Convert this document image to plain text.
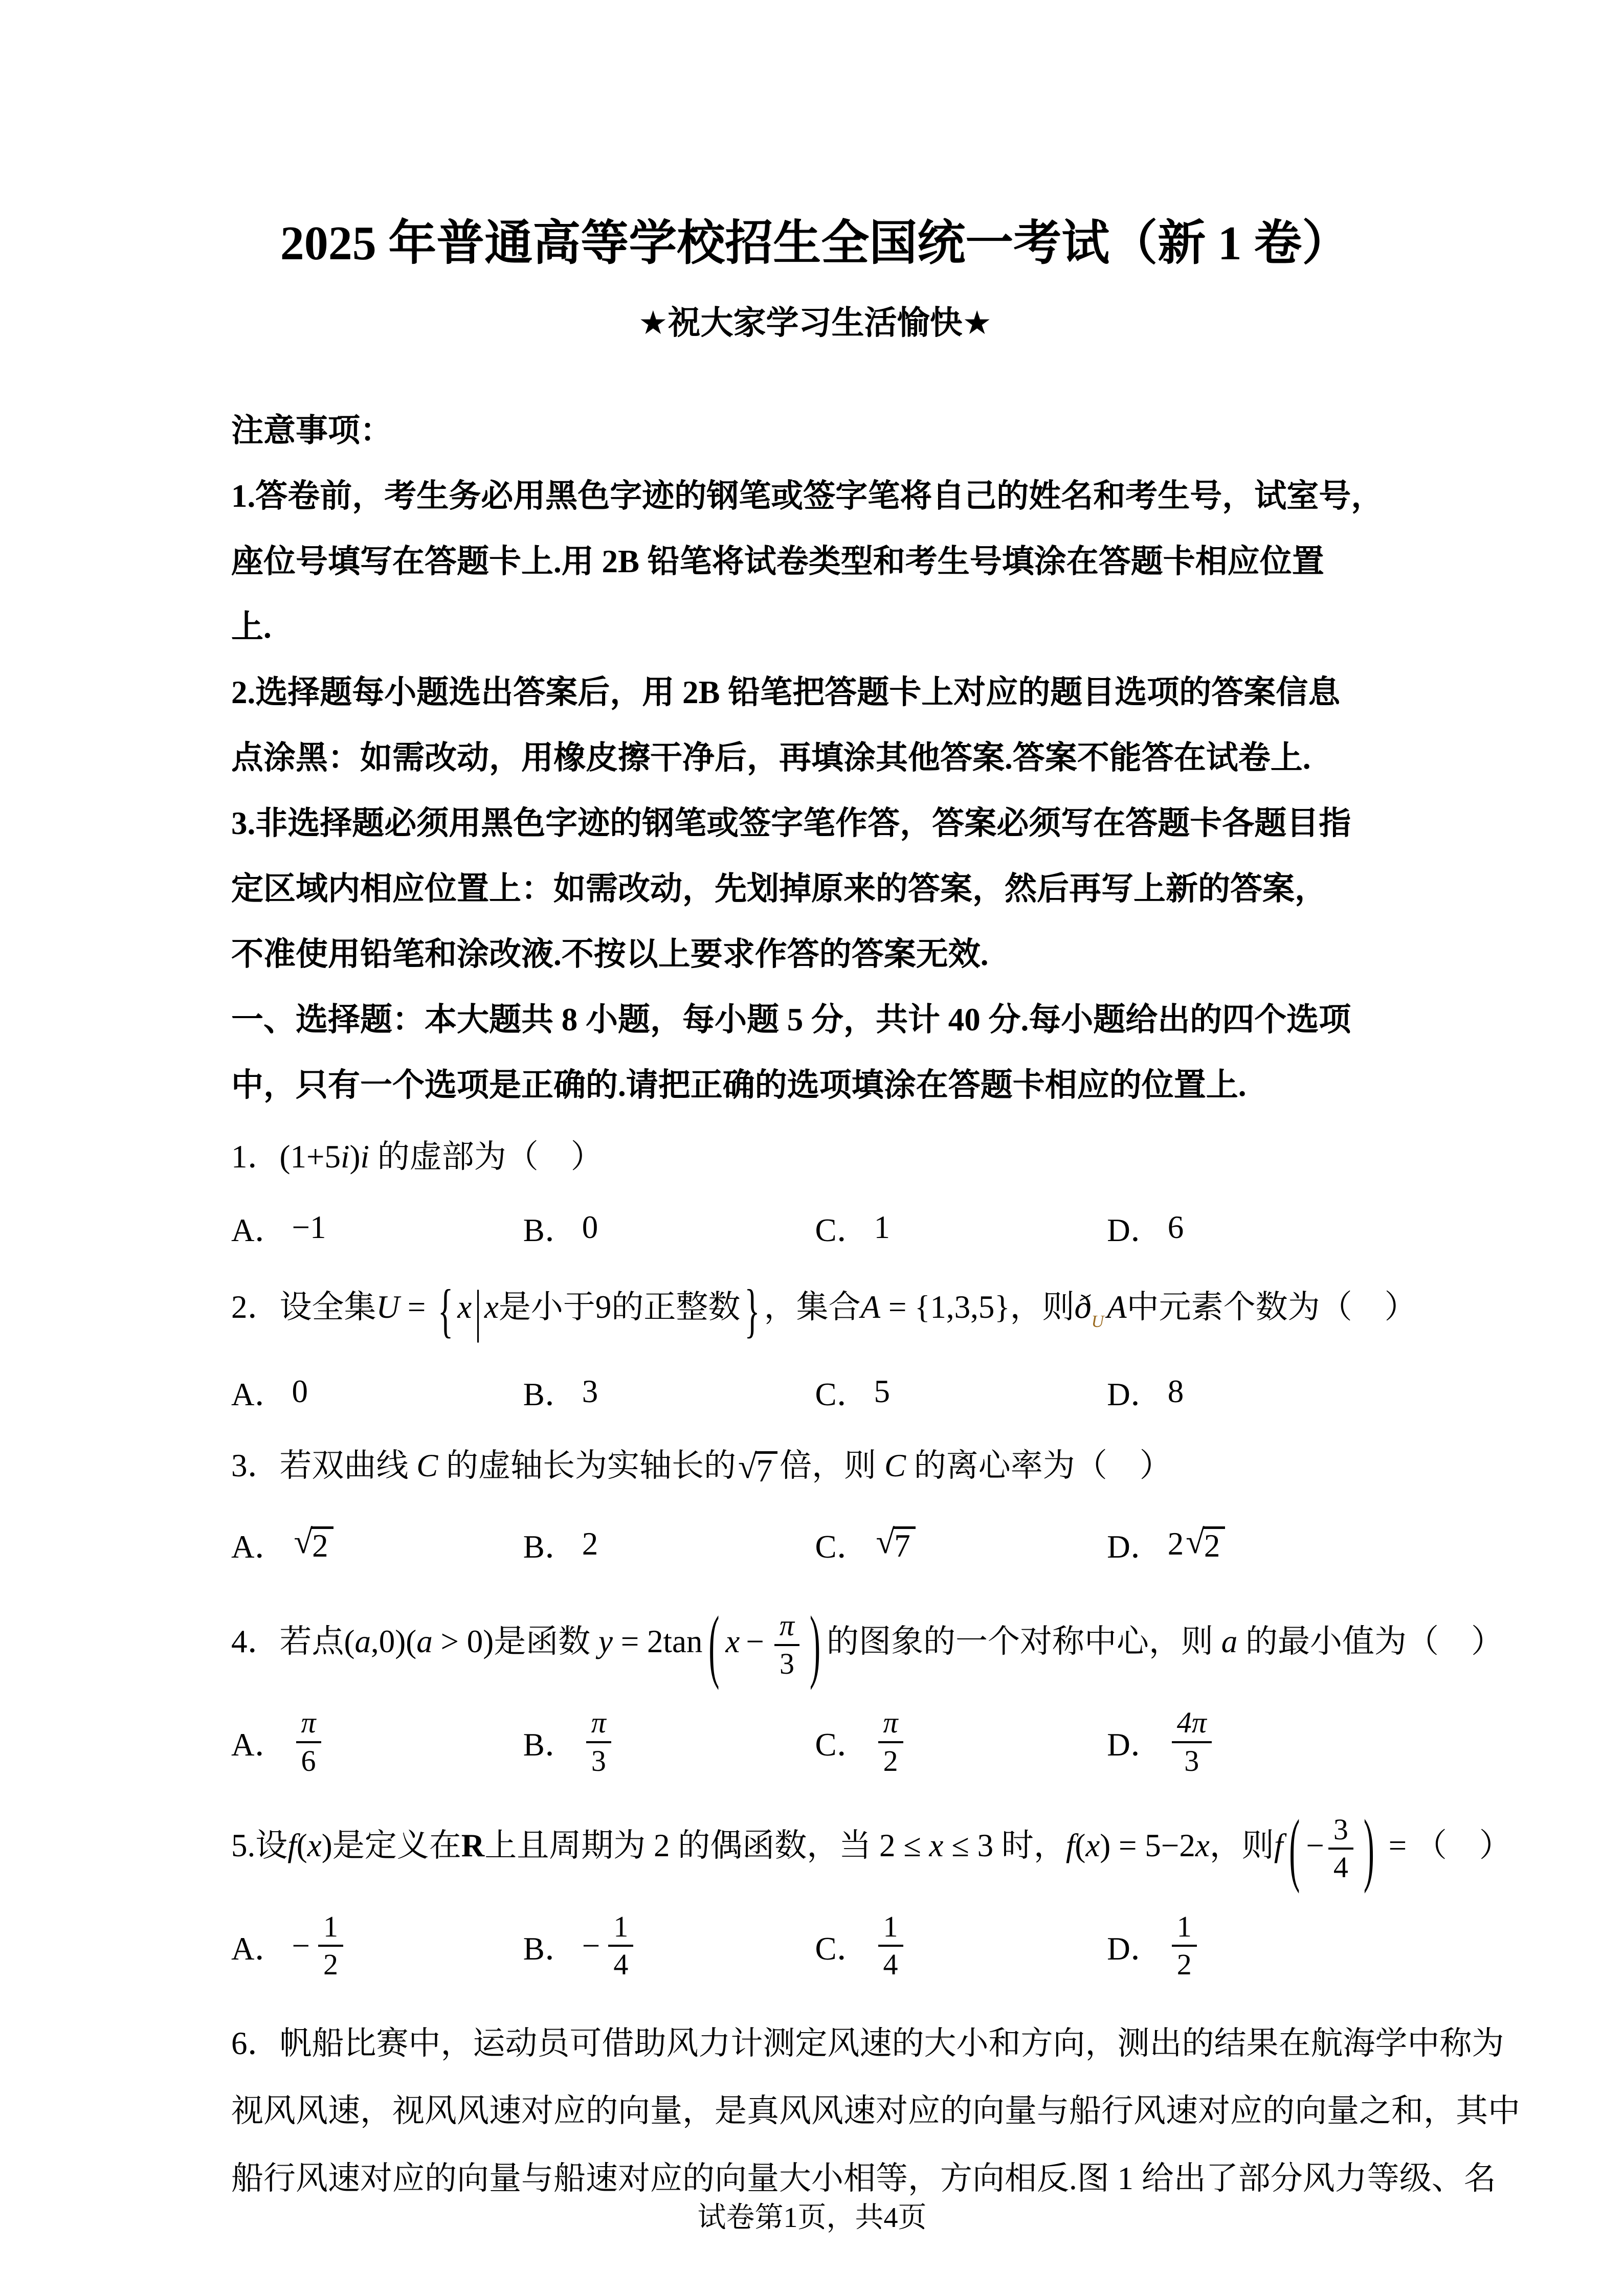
2025 年普通高等学校招生全国统一考试（新 1 卷）
★祝大家学习生活愉快★

注意事项：

1.答卷前，考生务必用黑色字迹的钢笔或签字笔将自己的姓名和考生号，试室号，

座位号填写在答题卡上.用 2B 铅笔将试卷类型和考生号填涂在答题卡相应位置

上.

2.选择题每小题选出答案后，用 2B 铅笔把答题卡上对应的题目选项的答案信息

点涂黑：如需改动，用橡皮擦干净后，再填涂其他答案.答案不能答在试卷上.

3.非选择题必须用黑色字迹的钢笔或签字笔作答，答案必须写在答题卡各题目指

定区域内相应位置上：如需改动，先划掉原来的答案，然后再写上新的答案，

不准使用铅笔和涂改液.不按以上要求作答的答案无效.

一、选择题：本大题共 8 小题，每小题 5 分，共计 40 分.每小题给出的四个选项

中，只有一个选项是正确的.请把正确的选项填涂在答题卡相应的位置上.

1．(1+5i)i 的虚部为（　）
A． −1	B． 0	C． 1	D． 6
2．设全集U = { x|x是小于9的正整数 } ，集合A = {1,3,5}，则$ð_UA$中元素个数为（　）
A． 0	B． 3	C． 5	D． 8
3．若双曲线 C 的虚轴长为实轴长的 √ 7 倍，则 C 的离心率为（　）
A． √ 2	B． 2	C． √ 7	D． 2 √ 2
4．若点(a,0)(a > 0)是函数 y = 2tan ( $x - \frac{\pi}{3}$ ) 的图象的一个对称中心，则 a 的最小值为（　）
A． $\frac{\pi}{6}$	B． $\frac{\pi}{3}$	C． $\frac{\pi}{2}$	D． $\frac{4\pi}{3}$
5.设f(x)是定义在R上且周期为 2 的偶函数，当 2 ≤ x ≤ 3 时，f(x) = 5−2x，则f ( − $\frac{3}{4}$ ) = （　）
A． − $\frac{1}{2}$	B． − $\frac{1}{4}$	C． $\frac{1}{4}$	D． $\frac{1}{2}$

6．帆船比赛中，运动员可借助风力计测定风速的大小和方向，测出的结果在航海学中称为

视风风速，视风风速对应的向量，是真风风速对应的向量与船行风速对应的向量之和，其中

船行风速对应的向量与船速对应的向量大小相等，方向相反.图 1 给出了部分风力等级、名

试卷第1页，共4页
